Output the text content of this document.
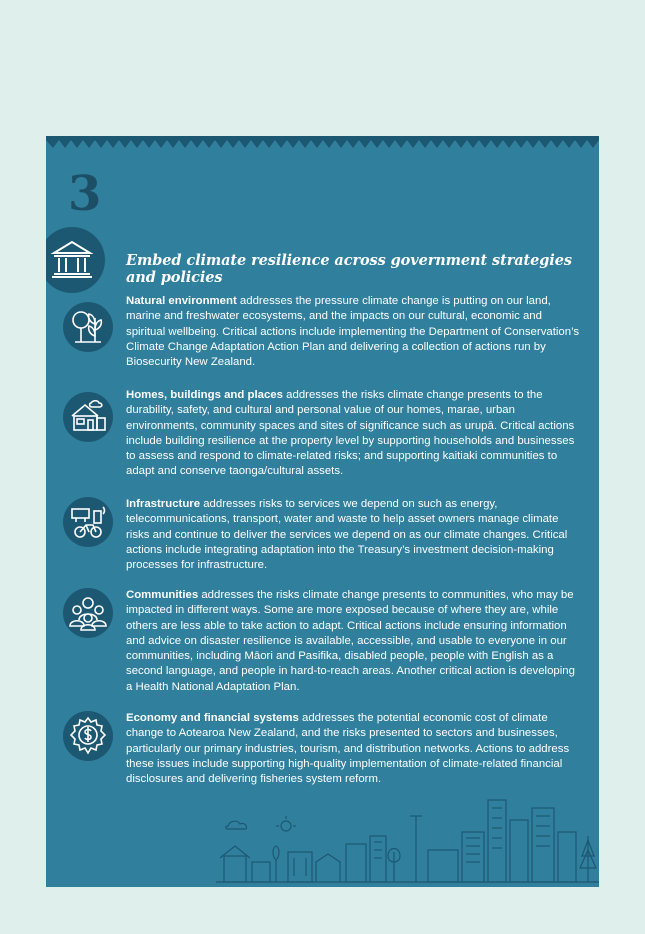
3
Embed climate resilience across government strategies and policies

Natural environment addresses the pressure climate change is putting on our land, marine and freshwater ecosystems, and the impacts on our cultural, economic and spiritual wellbeing. Critical actions include implementing the Department of Conservation’s Climate Change Adaptation Action Plan and delivering a collection of actions run by Biosecurity New Zealand.

Homes, buildings and places addresses the risks climate change presents to the durability, safety, and cultural and personal value of our homes, marae, urban environments, community spaces and sites of significance such as urupā. Critical actions include building resilience at the property level by supporting households and businesses to assess and respond to climate-related risks; and supporting kaitiaki communities to adapt and conserve taonga/cultural assets.

Infrastructure addresses risks to services we depend on such as energy, telecommunications, transport, water and waste to help asset owners manage climate risks and continue to deliver the services we depend on as our climate changes. Critical actions include integrating adaptation into the Treasury’s investment decision-making processes for infrastructure.

Communities addresses the risks climate change presents to communities, who may be impacted in different ways. Some are more exposed because of where they are, while others are less able to take action to adapt. Critical actions include ensuring information and advice on disaster resilience is available, accessible, and usable to everyone in our communities, including Māori and Pasifika, disabled people, people with English as a second language, and people in hard-to-reach areas. Another critical action is developing a Health National Adaptation Plan.

Economy and financial systems addresses the potential economic cost of climate change to Aotearoa New Zealand, and the risks presented to sectors and businesses, particularly our primary industries, tourism, and distribution networks. Actions to address these issues include supporting high-quality implementation of climate-related financial disclosures and delivering fisheries system reform.
